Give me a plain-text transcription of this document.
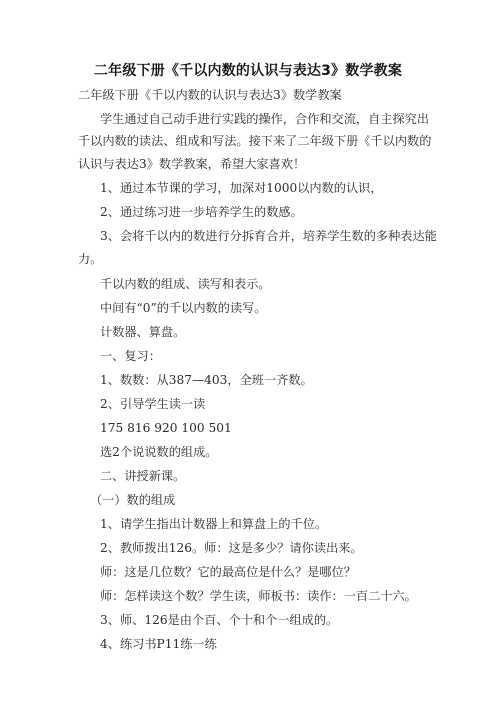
二年级下册《千以内数的认识与表达3》数学教案
二年级下册《千以内数的认识与表达3》数学教案
学生通过自己动手进行实践的操作，合作和交流，自主探究出
千以内数的读法、组成和写法。接下来了二年级下册《千以内数的
认识与表达3》数学教案，希望大家喜欢！
1、通过本节课的学习，加深对1000以内数的认识，
2、通过练习进一步培养学生的数感。
3、会将千以内的数进行分拆育合并，培养学生数的多种表达能
力。
千以内数的组成、读写和表示。
中间有“0”的千以内数的读写。
计数器、算盘。
一、复习：
1、数数：从387—403，全班一齐数。
2、引导学生读一读
175 816 920 100 501
选2个说说数的组成。
二、讲授新课。
（一）数的组成
1、请学生指出计数器上和算盘上的千位。
2、教师拨出126。师：这是多少？请你读出来。
师：这是几位数？它的最高位是什么？是哪位？
师：怎样读这个数？学生读，师板书：读作：一百二十六。
3、师、126是由个百、个十和个一组成的。
4、练习书P11练一练
